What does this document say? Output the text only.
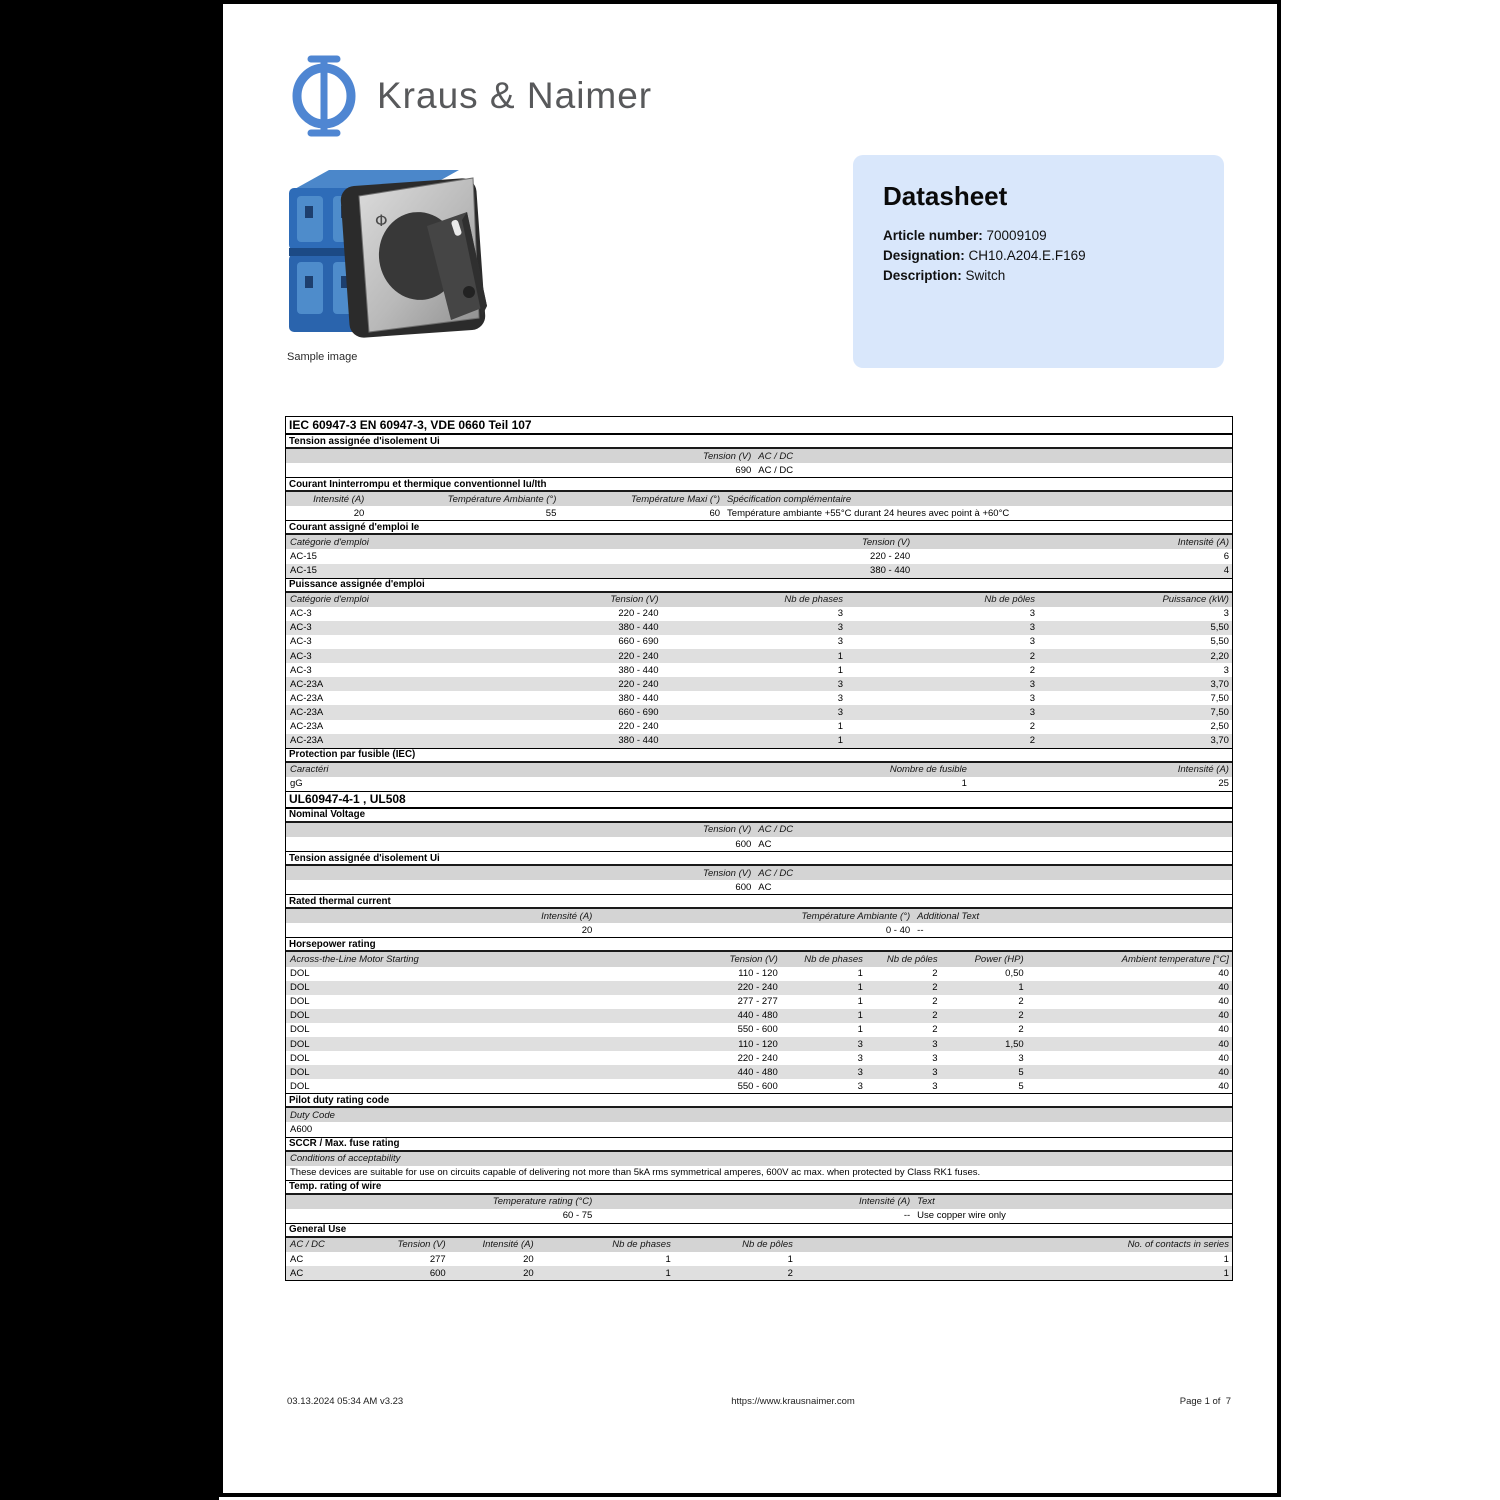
Kraus & Naimer
Φ
Sample image
Datasheet
Article number: 70009109
Designation: CH10.A204.E.F169
Description: Switch
IEC 60947-3 EN 60947-3, VDE 0660 Teil 107
Tension assignée d'isolement Ui
Tension (V) AC / DC
690 AC / DC
Courant Ininterrompu et thermique conventionnel Iu/Ith
Intensité (A)	Température Ambiante (°)	Température Maxi (°) Spécification complémentaire
20	55	60 Température ambiante +55°C durant 24 heures avec point à +60°C
Courant assigné d'emploi Ie
Catégorie d'emploi	Tension (V)	Intensité (A)
AC-15	220 - 240	6
AC-15	380 - 440	4
Puissance assignée d'emploi
Catégorie d'emploi	Tension (V)	Nb de phases	Nb de pôles	Puissance (kW)
AC-3	220 - 240	3	3	3
AC-3	380 - 440	3	3	5,50
AC-3	660 - 690	3	3	5,50
AC-3	220 - 240	1	2	2,20
AC-3	380 - 440	1	2	3
AC-23A	220 - 240	3	3	3,70
AC-23A	380 - 440	3	3	7,50
AC-23A	660 - 690	3	3	7,50
AC-23A	220 - 240	1	2	2,50
AC-23A	380 - 440	1	2	3,70
Protection par fusible (IEC)
Caractéri	Nombre de fusible	Intensité (A)
gG	1	25
UL60947-4-1 , UL508
Nominal Voltage
Tension (V) AC / DC
600 AC
Tension assignée d'isolement Ui
Tension (V) AC / DC
600 AC
Rated thermal current
Intensité (A)	Température Ambiante (°) Additional Text
20	0 - 40 --
Horsepower rating
Across-the-Line Motor Starting	Tension (V)	Nb de phases	Nb de pôles	Power (HP)	Ambient temperature [°C]
DOL	110 - 120	1	2	0,50	40
DOL	220 - 240	1	2	1	40
DOL	277 - 277	1	2	2	40
DOL	440 - 480	1	2	2	40
DOL	550 - 600	1	2	2	40
DOL	110 - 120	3	3	1,50	40
DOL	220 - 240	3	3	3	40
DOL	440 - 480	3	3	5	40
DOL	550 - 600	3	3	5	40
Pilot duty rating code
Duty Code
A600
SCCR / Max. fuse rating
Conditions of acceptability
These devices are suitable for use on circuits capable of delivering not more than 5kA rms symmetrical amperes, 600V ac max. when protected by Class RK1 fuses.
Temp. rating of wire
Temperature rating (°C)	Intensité (A) Text
60 - 75	-- Use copper wire only
General Use
AC / DC	Tension (V)	Intensité (A)	Nb de phases	Nb de pôles	No. of contacts in series
AC	277	20	1	1	1
AC	600	20	1	2	1
03.13.2024 05:34 AM v3.23	https://www.krausnaimer.com	Page 1 of  7
